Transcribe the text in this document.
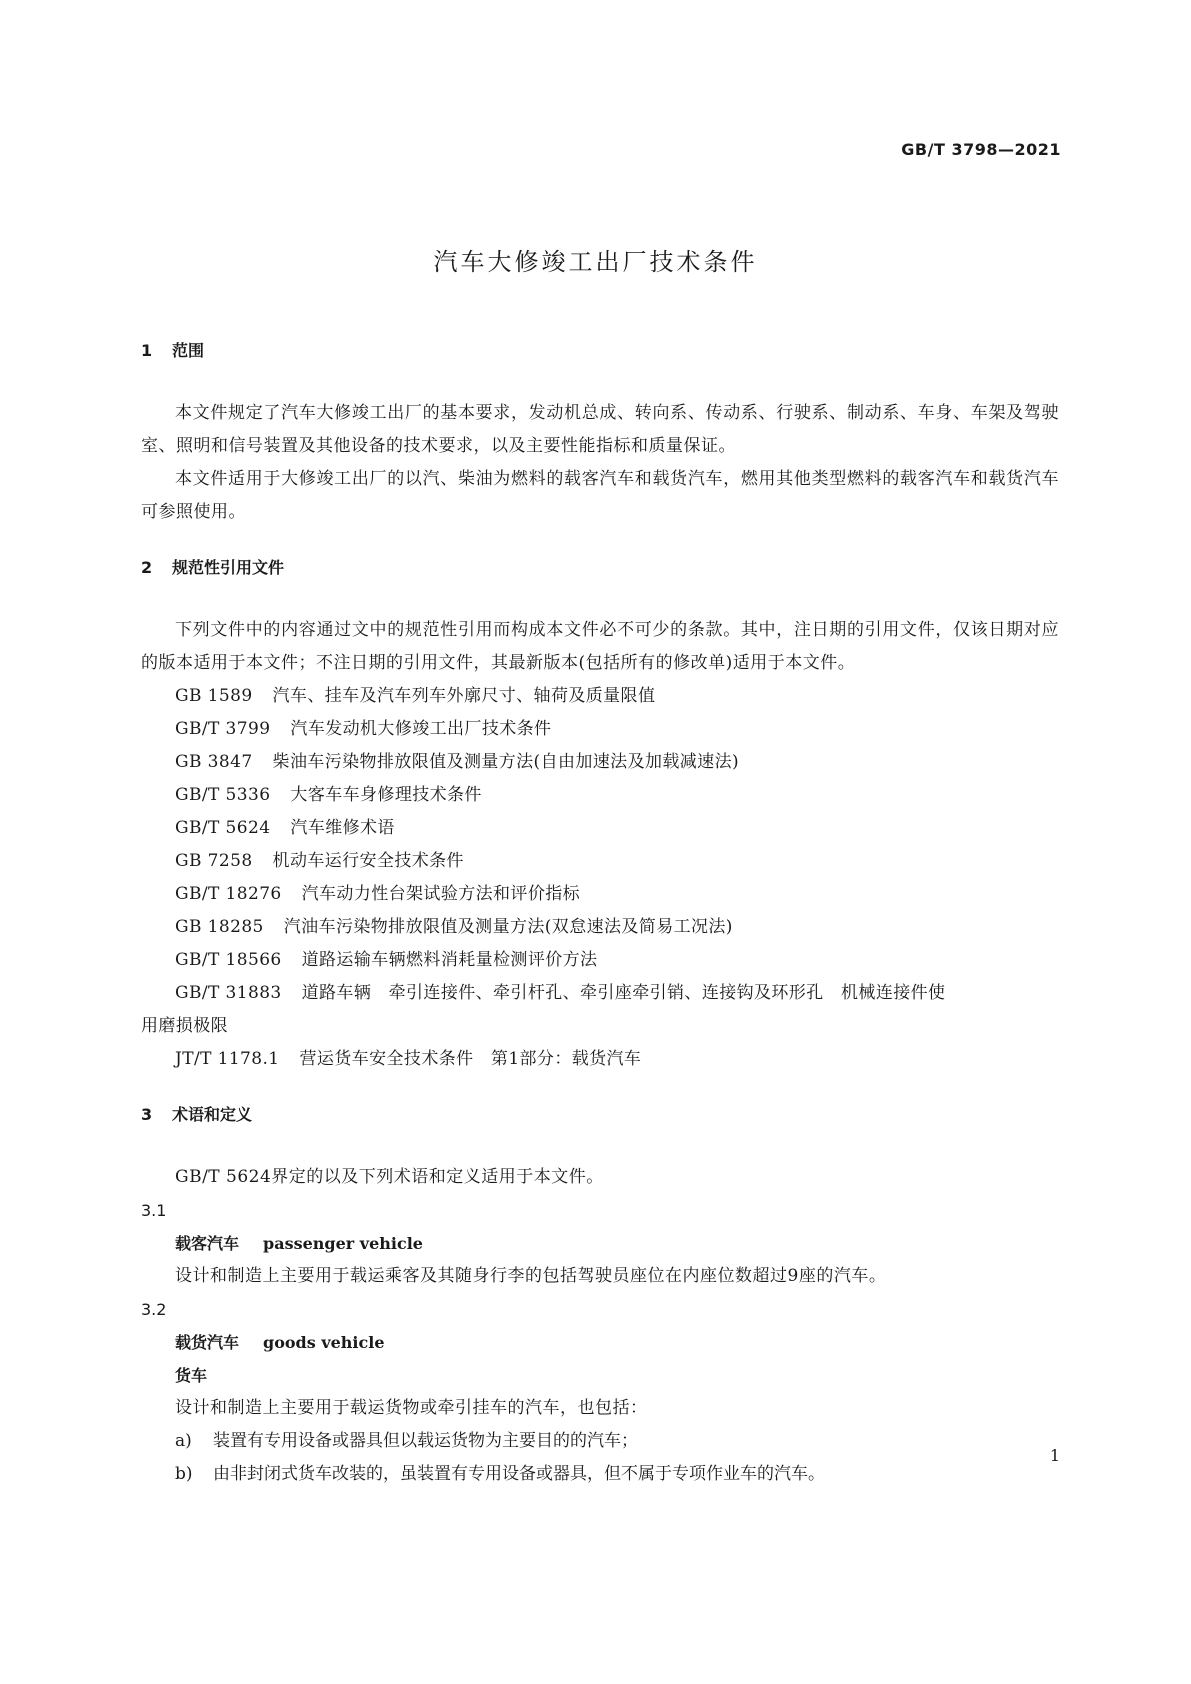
GB/T 3798—2021
汽车大修竣工出厂技术条件
1 范围

本文件规定了汽车大修竣工出厂的基本要求，发动机总成、转向系、传动系、行驶系、制动系、车身、车架及驾驶室、照明和信号装置及其他设备的技术要求，以及主要性能指标和质量保证。

本文件适用于大修竣工出厂的以汽、柴油为燃料的载客汽车和载货汽车，燃用其他类型燃料的载客汽车和载货汽车可参照使用。

2 规范性引用文件

下列文件中的内容通过文中的规范性引用而构成本文件必不可少的条款。其中，注日期的引用文件，仅该日期对应的版本适用于本文件；不注日期的引用文件，其最新版本(包括所有的修改单)适用于本文件。

GB 1589 汽车、挂车及汽车列车外廓尺寸、轴荷及质量限值

GB/T 3799 汽车发动机大修竣工出厂技术条件

GB 3847 柴油车污染物排放限值及测量方法(自由加速法及加载减速法)

GB/T 5336 大客车车身修理技术条件

GB/T 5624 汽车维修术语

GB 7258 机动车运行安全技术条件

GB/T 18276 汽车动力性台架试验方法和评价指标

GB 18285 汽油车污染物排放限值及测量方法(双怠速法及简易工况法)

GB/T 18566 道路运输车辆燃料消耗量检测评价方法

GB/T 31883 道路车辆　牵引连接件、牵引杆孔、牵引座牵引销、连接钩及环形孔　机械连接件使
用磨损极限

JT/T 1178.1 营运货车安全技术条件　第1部分：载货汽车

3 术语和定义

GB/T 5624界定的以及下列术语和定义适用于本文件。

3.1

载客汽车 passenger vehicle

设计和制造上主要用于载运乘客及其随身行李的包括驾驶员座位在内座位数超过9座的汽车。

3.2

载货汽车 goods vehicle

货车

设计和制造上主要用于载运货物或牵引挂车的汽车，也包括：

a) 装置有专用设备或器具但以载运货物为主要目的的汽车；

b) 由非封闭式货车改装的，虽装置有专用设备或器具，但不属于专项作业车的汽车。

1
